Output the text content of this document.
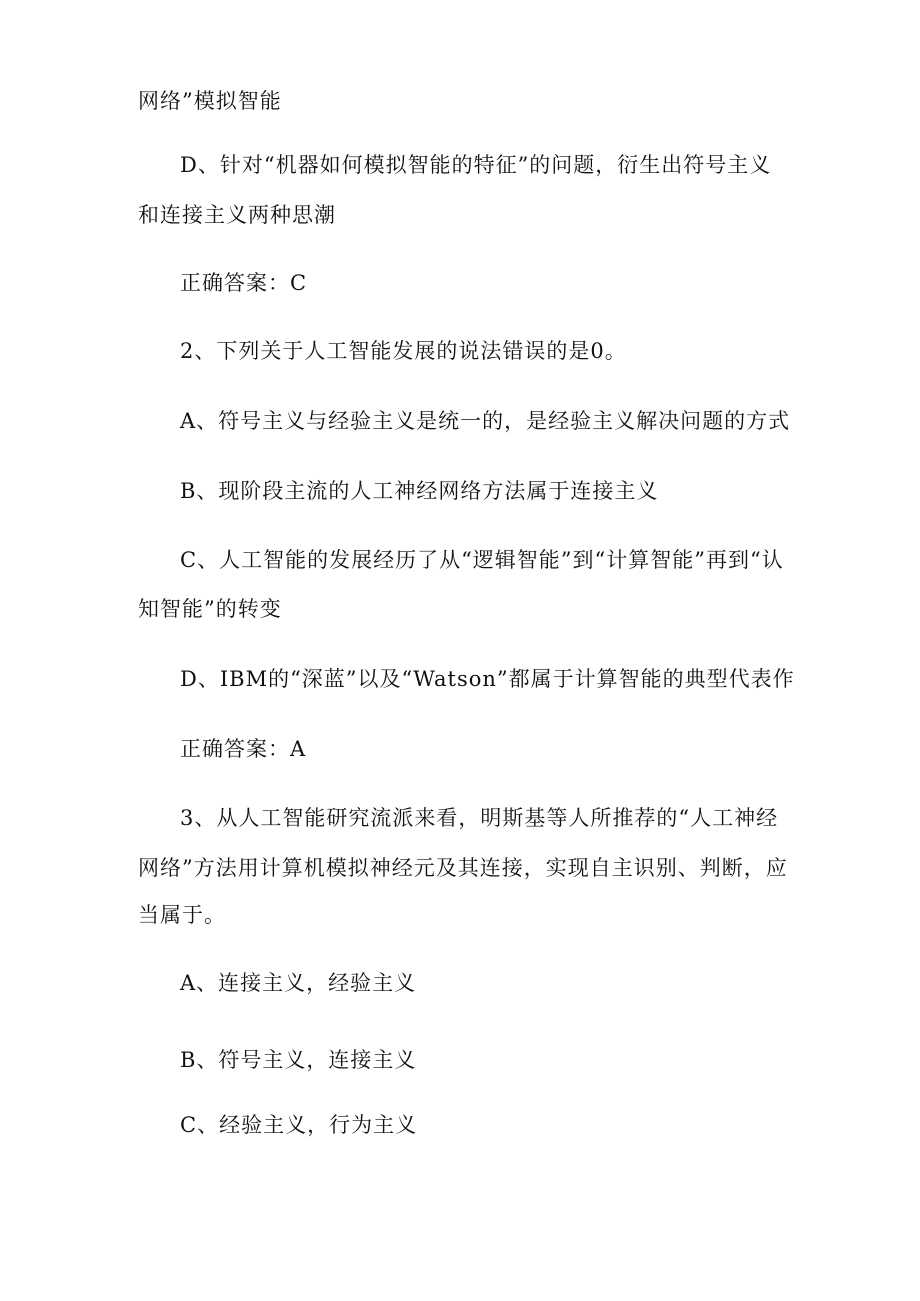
网络”模拟智能
D、针对“机器如何模拟智能的特征”的问题，衍生出符号主义
和连接主义两种思潮
正确答案：C
2、下列关于人工智能发展的说法错误的是0。
A、符号主义与经验主义是统一的，是经验主义解决问题的方式
B、现阶段主流的人工神经网络方法属于连接主义
C、人工智能的发展经历了从“逻辑智能”到“计算智能”再到“认
知智能”的转变
D、IBM的“深蓝”以及“Watson”都属于计算智能的典型代表作
正确答案：A
3、从人工智能研究流派来看，明斯基等人所推荐的“人工神经
网络”方法用计算机模拟神经元及其连接，实现自主识别、判断，应
当属于。
A、连接主义，经验主义
B、符号主义，连接主义
C、经验主义，行为主义
